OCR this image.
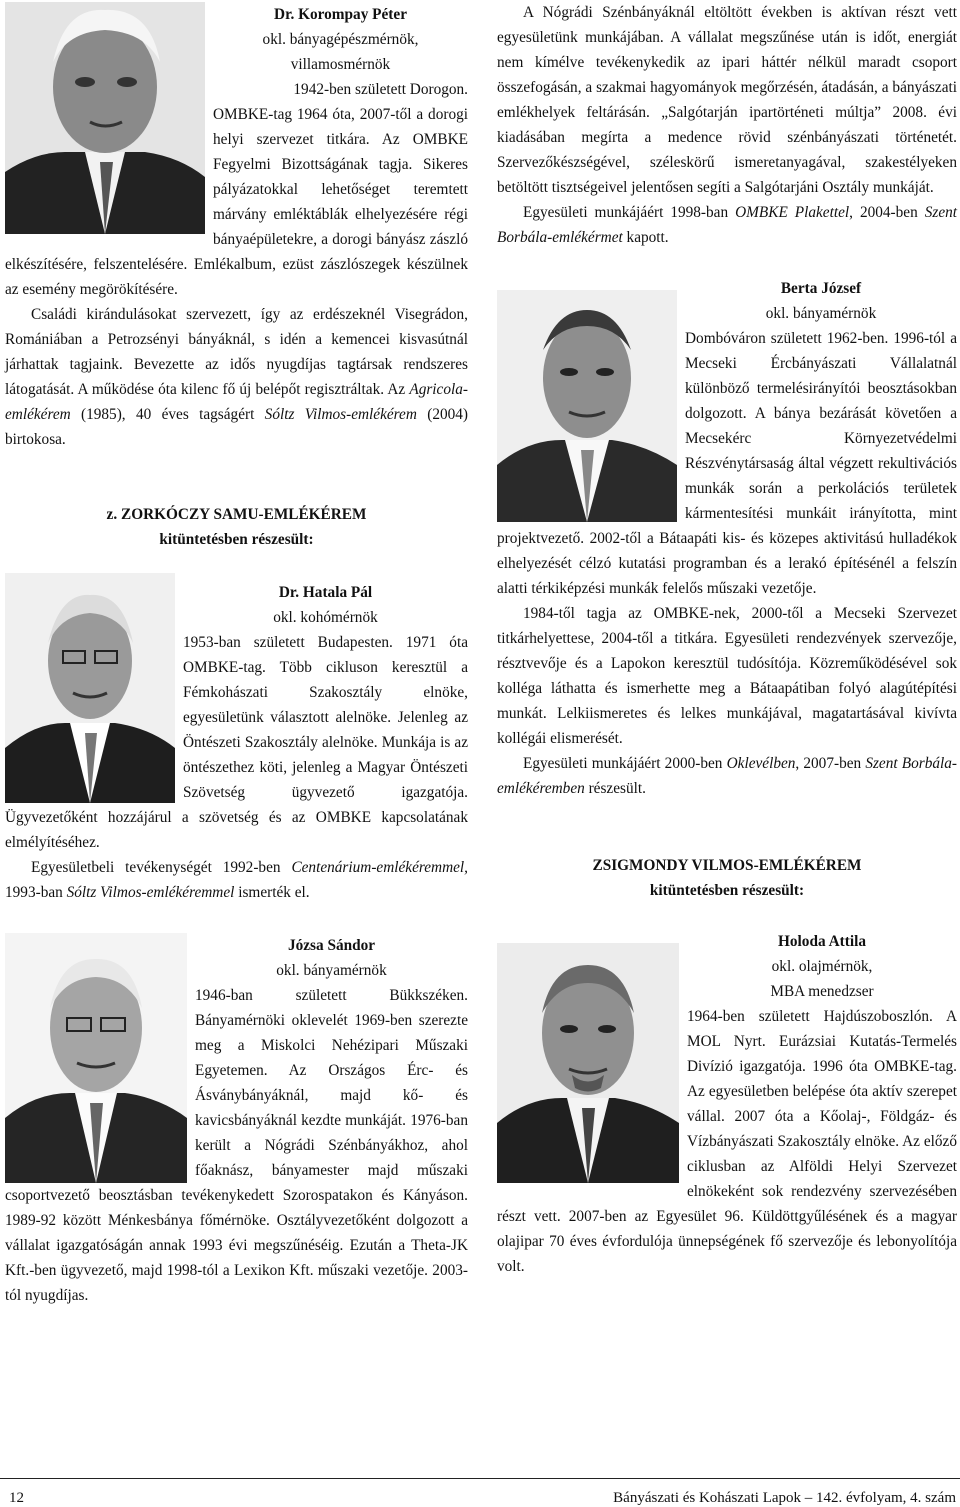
Dr. Korompay Péter

okl. bányagépészmérnök,

villamosmérnök

1942-ben született Dorogon.

OMBKE-tag 1964 óta, 2007-től a dorogi helyi szervezet titkára. Az OMBKE Fegyelmi Bizottságának tagja. Sikeres pályázatokkal lehetőséget teremtett márvány emléktáblák elhelyezésére régi bányaépületekre, a dorogi bányász zászló elkészítésére, felszentelésére. Emlékalbum, ezüst zászlószegek készülnek az esemény megörökítésére.

Családi kirándulásokat szervezett, így az erdészeknél Visegrádon, Romániában a Petrozsényi bányáknál, s idén a kemencei kisvasútnál járhattak tagjaink. Bevezette az idős nyugdíjas tagtársak rendszeres látogatását. A működése óta kilenc fő új belépőt regisztráltak. Az Agricola-emlékérem (1985), 40 éves tagságért Sóltz Vilmos-emlékérem (2004) birtokosa.

z. ZORKÓCZY SAMU-EMLÉKÉREM

kitüntetésben részesült:

Dr. Hatala Pál

okl. kohómérnök

1953-ban született Budapesten. 1971 óta OMBKE-tag. Több cikluson keresztül a Fémkohászati Szakosztály elnöke, egyesületünk választott alelnöke. Jelenleg az Öntészeti Szakosztály alelnöke. Munkája is az öntészethez köti, jelenleg a Magyar Öntészeti Szövetség ügyvezető igazgatója. Ügyvezetőként hozzájárul a szövetség és az OMBKE kapcsolatának elmélyítéséhez.

Egyesületbeli tevékenységét 1992-ben Centenárium-emlékéremmel, 1993-ban Sóltz Vilmos-emlékéremmel ismerték el.

Józsa Sándor

okl. bányamérnök

1946-ban született Bükkszéken. Bányamérnöki oklevelét 1969-ben szerezte meg a Miskolci Nehézipari Műszaki Egyetemen. Az Országos Érc- és Ásványbányáknál, majd kő- és kavicsbányáknál kezdte munkáját. 1976-ban került a Nógrádi Szénbányákhoz, ahol főaknász, bányamester majd műszaki csoportvezető beosztásban tevékenykedett Szorospatakon és Kányáson. 1989-92 között Ménkesbánya főmérnöke. Osztályvezetőként dolgozott a vállalat igazgatóságán annak 1993 évi megszűnéséig. Ezután a Theta-JK Kft.-ben ügyvezető, majd 1998-tól a Lexikon Kft. műszaki vezetője. 2003-tól nyugdíjas.

A Nógrádi Szénbányáknál eltöltött években is aktívan részt vett egyesületünk munkájában. A vállalat megszűnése után is időt, energiát nem kímélve tevékenykedik az ipari háttér nélkül maradt csoport összefogásán, a szakmai hagyományok megőrzésén, átadásán, a bányászati emlékhelyek feltárásán. „Salgótarján ipartörténeti múltja” 2008. évi kiadásában megírta a medence rövid szénbányászati történetét. Szervezőkészségével, széleskörű ismeretanyagával, szakestélyeken betöltött tisztségeivel jelentősen segíti a Salgótarjáni Osztály munkáját.

Egyesületi munkájáért 1998-ban OMBKE Plakettel, 2004-ben Szent Borbála-emlékérmet kapott.

Berta József

okl. bányamérnök

Dombóváron született 1962-ben. 1996-tól a Mecseki Ércbányászati Vállalatnál különböző termelésirányítói beosztásokban dolgozott. A bánya bezárását követően a Mecsekérc Környezetvédelmi Részvénytársaság által végzett rekultivációs munkák során a perkolációs területek kármentesítési munkáit irányította, mint projektvezető. 2002-től a Bátaapáti kis- és közepes aktivitású hulladékok elhelyezését célzó kutatási programban és a lerakó építésénél a felszín alatti térkiképzési munkák felelős műszaki vezetője.

1984-től tagja az OMBKE-nek, 2000-től a Mecseki Szervezet titkárhelyettese, 2004-től a titkára. Egyesületi rendezvények szervezője, résztvevője és a Lapokon keresztül tudósítója. Közreműködésével sok kollégа láthatta és ismerhette meg a Bátaapátiban folyó alagútépítési munkát. Lelkiismeretes és lelkes munkájával, magatartásával kivívta kollégái elismerését.

Egyesületi munkájáért 2000-ben Oklevélben, 2007-ben Szent Borbála-emlékéremben részesült.

ZSIGMONDY VILMOS-EMLÉKÉREM

kitüntetésben részesült:

Holoda Attila

okl. olajmérnök,

MBA menedzser

1964-ben született Hajdúszoboszlón. A MOL Nyrt. Eurázsiai Kutatás-Termelés Divízió igazgatója. 1996 óta OMBKE-tag. Az egyesületben belépése óta aktív szerepet vállal. 2007 óta a Kőolaj-, Földgáz- és Vízbányászati Szakosztály elnöke. Az előző ciklusban az Alföldi Helyi Szervezet elnökeként sok rendezvény szervezésében részt vett. 2007-ben az Egyesület 96. Küldöttgyűlésének és a magyar olajipar 70 éves évfordulója ünnepségének fő szervezője és lebonyolítója volt.

12	Bányászati és Kohászati Lapok – 142. évfolyam, 4. szám
